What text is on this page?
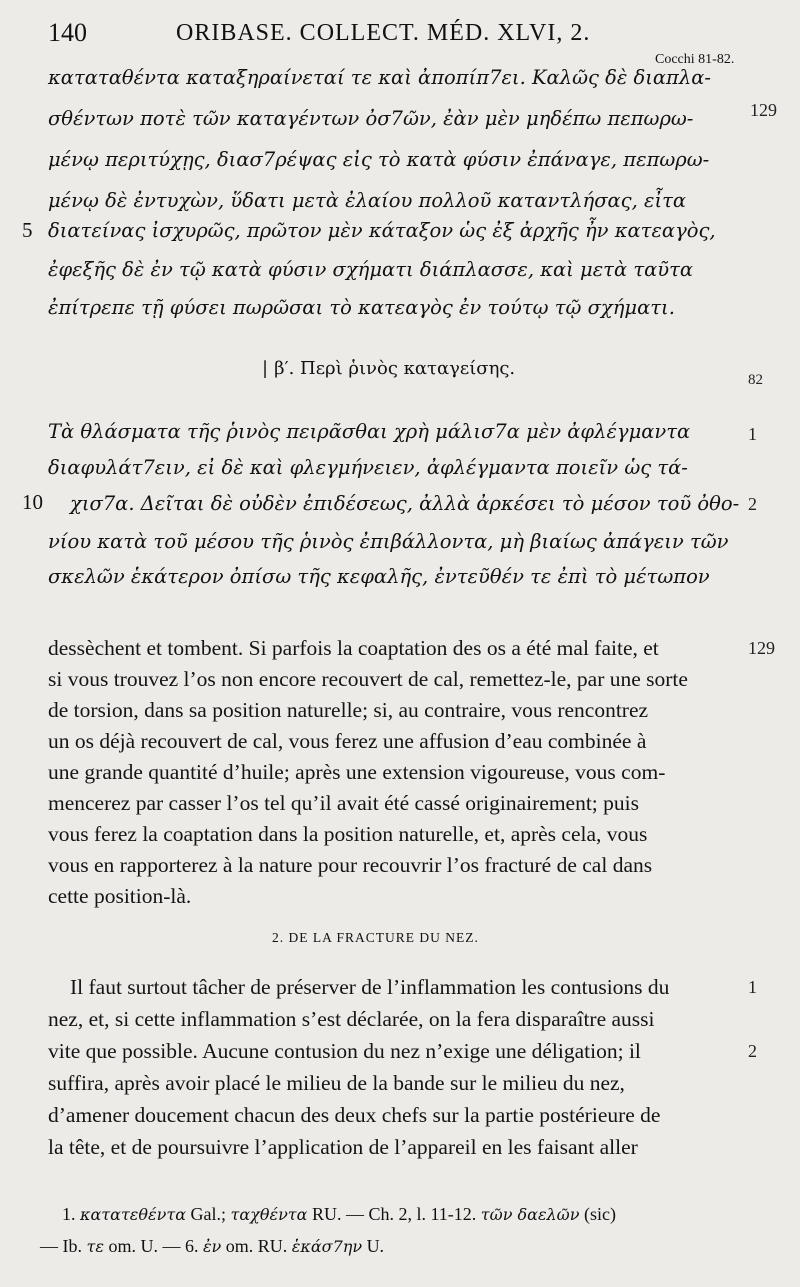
140	ORIBASE. COLLECT. MÉD. XLVI, 2.
Cocchi 81-82.
129
καταταθέντα καταξηραίνεταί τε καὶ ἀποπίπ7ει. Καλῶς δὲ διαπλα-
σθέντων ποτὲ τῶν καταγέντων ὀσ7ῶν, ἐὰν μὲν μηδέπω πεπωρω-
μένῳ περιτύχῃς, διασ7ρέψας εἰς τὸ κατὰ φύσιν ἐπάναγε, πεπωρω-
μένῳ δὲ ἐντυχὼν, ὕδατι μετὰ ἐλαίου πολλοῦ καταντλήσας, εἶτα
5 διατείνας ἰσχυρῶς, πρῶτον μὲν κάταξον ὡς ἐξ ἀρχῆς ἦν κατεαγὸς,
ἐφεξῆς δὲ ἐν τῷ κατὰ φύσιν σχήματι διάπλασσε, καὶ μετὰ ταῦτα
ἐπίτρεπε τῇ φύσει πωρῶσαι τὸ κατεαγὸς ἐν τούτῳ τῷ σχήματι.
| β′. Περὶ ῥινὸς καταγείσης.
82
Τὰ θλάσματα τῆς ῥινὸς πειρᾶσθαι χρὴ μάλισ7α μὲν ἀφλέγμαντα	1
διαφυλάτ7ειν, εἰ δὲ καὶ φλεγμήνειεν, ἀφλέγμαντα ποιεῖν ὡς τά-
10 χισ7α. Δεῖται δὲ οὐδὲν ἐπιδέσεως, ἀλλὰ ἀρκέσει τὸ μέσον τοῦ ὀθο- 2
νίου κατὰ τοῦ μέσου τῆς ῥινὸς ἐπιβάλλοντα, μὴ βιαίως ἀπάγειν τῶν
σκελῶν ἑκάτερον ὀπίσω τῆς κεφαλῆς, ἐντεῦθέν τε ἐπὶ τὸ μέτωπον
dessèchent et tombent. Si parfois la coaptation des os a été mal faite, et	129
si vous trouvez l’os non encore recouvert de cal, remettez-le, par une sorte
de torsion, dans sa position naturelle; si, au contraire, vous rencontrez
un os déjà recouvert de cal, vous ferez une affusion d’eau combinée à
une grande quantité d’huile; après une extension vigoureuse, vous com-
mencerez par casser l’os tel qu’il avait été cassé originairement; puis
vous ferez la coaptation dans la position naturelle, et, après cela, vous
vous en rapporterez à la nature pour recouvrir l’os fracturé de cal dans
cette position-là.
2. DE LA FRACTURE DU NEZ.
Il faut surtout tâcher de préserver de l’inflammation les contusions du	1
nez, et, si cette inflammation s’est déclarée, on la fera disparaître aussi
vite que possible. Aucune contusion du nez n’exige une déligation; il	2
suffira, après avoir placé le milieu de la bande sur le milieu du nez,
d’amener doucement chacun des deux chefs sur la partie postérieure de
la tête, et de poursuivre l’application de l’appareil en les faisant aller
1. κατατεθέντα Gal.; ταχθέντα RU. — Ch. 2, l. 11-12. τῶν δαελῶν (sic)
— Ib. τε om. U. — 6. ἐν om. RU. ἑκάσ7ην U.
